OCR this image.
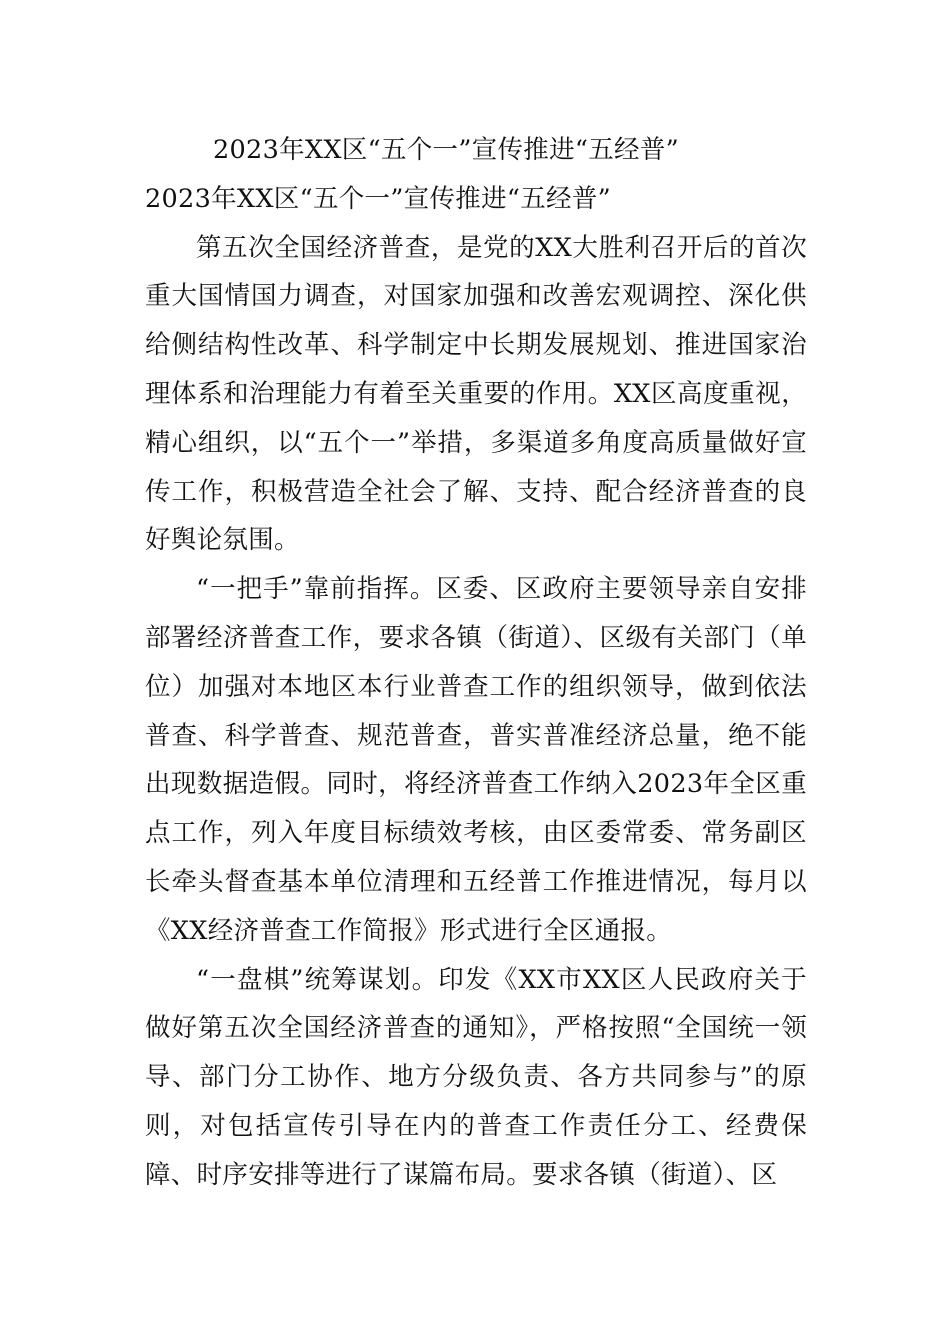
2023年XX区“五个一”宣传推进“五经普”
2023年XX区“五个一”宣传推进“五经普”

第五次全国经济普查，是党的XX大胜利召开后的首次重大国情国力调查，对国家加强和改善宏观调控、深化供给侧结构性改革、科学制定中长期发展规划、推进国家治理体系和治理能力有着至关重要的作用。XX区高度重视，精心组织，以“五个一”举措，多渠道多角度高质量做好宣传工作，积极营造全社会了解、支持、配合经济普查的良好舆论氛围。

“一把手”靠前指挥。区委、区政府主要领导亲自安排部署经济普查工作，要求各镇（街道）、区级有关部门（单位）加强对本地区本行业普查工作的组织领导，做到依法普查、科学普查、规范普查，普实普准经济总量，绝不能出现数据造假。同时，将经济普查工作纳入2023年全区重点工作，列入年度目标绩效考核，由区委常委、常务副区长牵头督查基本单位清理和五经普工作推进情况，每月以《XX经济普查工作简报》形式进行全区通报。

“一盘棋”统筹谋划。印发《XX市XX区人民政府关于做好第五次全国经济普查的通知》，严格按照“全国统一领导、部门分工协作、地方分级负责、各方共同参与”的原则，对包括宣传引导在内的普查工作责任分工、经费保障、时序安排等进行了谋篇布局。要求各镇（街道）、区
